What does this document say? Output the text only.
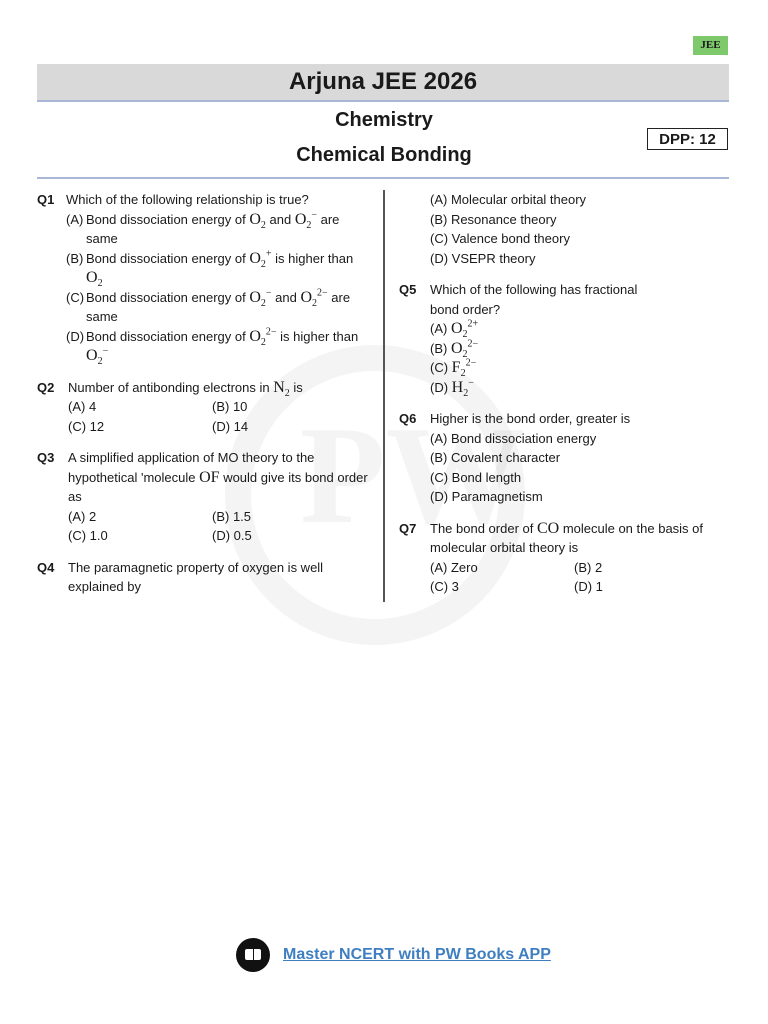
JEE
Arjuna JEE 2026
Chemistry
Chemical Bonding
DPP: 12
Q1 Which of the following relationship is true?
(A) Bond dissociation energy of $O_2$ and $O_2^-$ are same
(B) Bond dissociation energy of $O_2^+$ is higher than $O_2$
(C) Bond dissociation energy of $O_2^-$ and $O_2^{2-}$ are same
(D) Bond dissociation energy of $O_2^{2-}$ is higher than $O_2^-$
Q2 Number of antibonding electrons in $N_2$ is
(A) 4	(B) 10
(C) 12	(D) 14
Q3 A simplified application of MO theory to the hypothetical 'molecule OF would give its bond order as
(A) 2	(B) 1.5
(C) 1.0	(D) 0.5
Q4 The paramagnetic property of oxygen is well explained by
(A) Molecular orbital theory
(B) Resonance theory
(C) Valence bond theory
(D) VSEPR theory
Q5 Which of the following has fractional bond order?
(A) $O_2^{2+}$
(B) $O_2^{2-}$
(C) $F_2^{2-}$
(D) $H_2^-$
Q6 Higher is the bond order, greater is
(A) Bond dissociation energy
(B) Covalent character
(C) Bond length
(D) Paramagnetism
Q7 The bond order of CO molecule on the basis of molecular orbital theory is
(A) Zero	(B) 2
(C) 3	(D) 1
Master NCERT with PW Books APP
